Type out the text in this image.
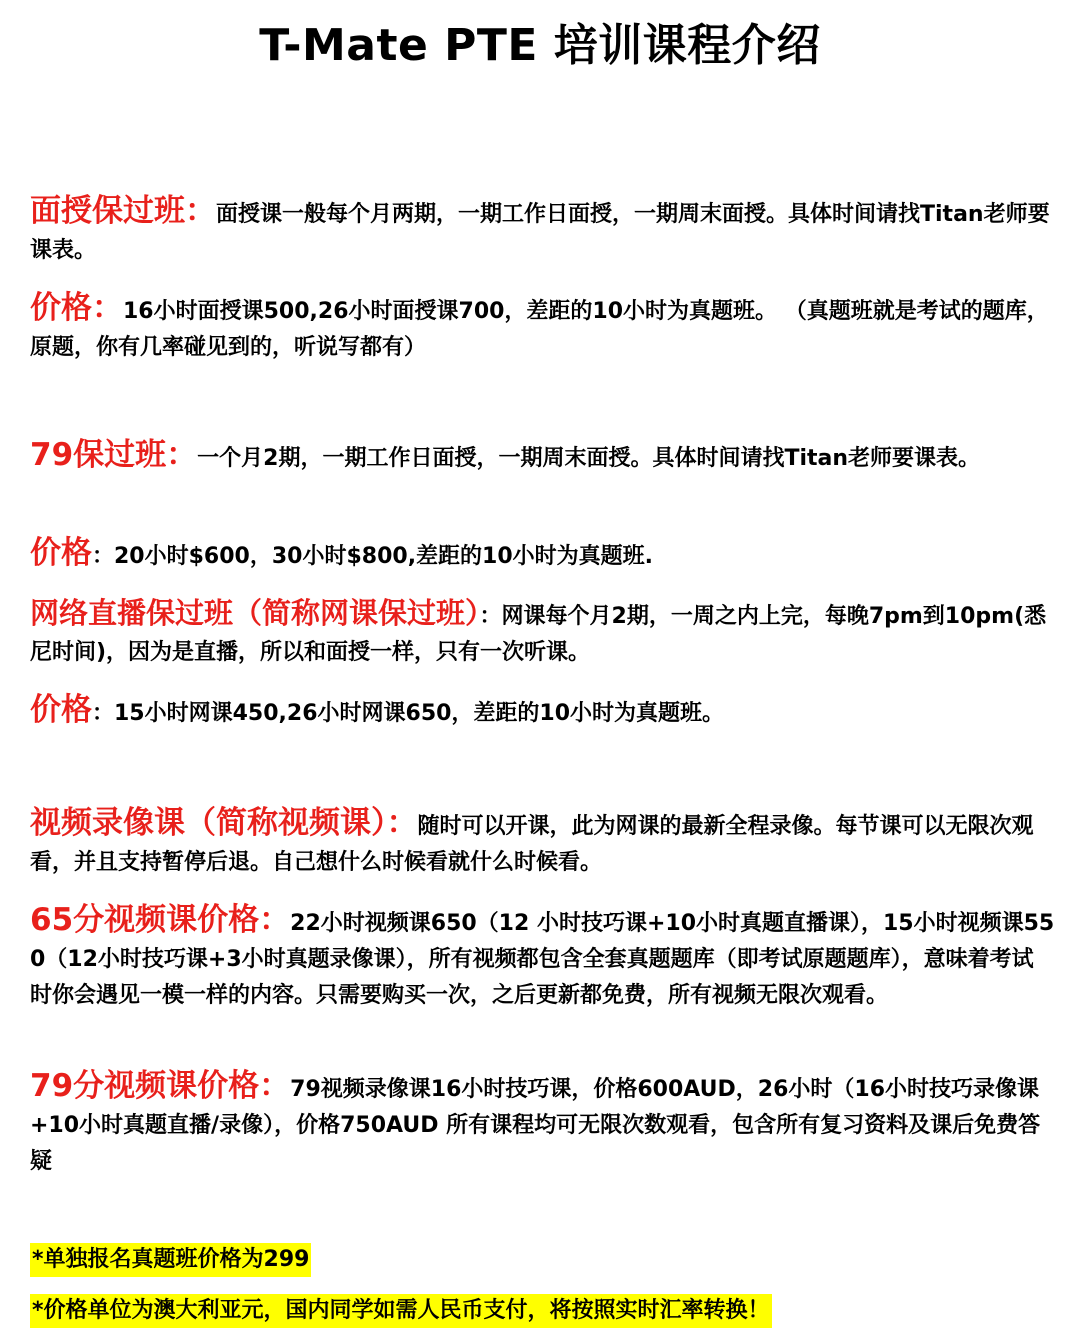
T-Mate PTE 培训课程介绍
面授保过班：面授课一般每个月两期，一期工作日面授，一期周末面授。具体时间请找Titan老师要课表。
价格：16小时面授课500,26小时面授课700，差距的10小时为真题班。 （真题班就是考试的题库，原题，你有几率碰见到的，听说写都有）
79保过班：一个月2期，一期工作日面授，一期周末面授。具体时间请找Titan老师要课表。
价格：20小时$600，30小时$800,差距的10小时为真题班.
网络直播保过班（简称网课保过班）：网课每个月2期，一周之内上完，每晚7pm到10pm(悉尼时间)，因为是直播，所以和面授一样，只有一次听课。
价格：15小时网课450,26小时网课650，差距的10小时为真题班。
视频录像课（简称视频课）：随时可以开课，此为网课的最新全程录像。每节课可以无限次观看，并且支持暂停后退。自己想什么时候看就什么时候看。
65分视频课价格：22小时视频课650（12 小时技巧课+10小时真题直播课），15小时视频课550（12小时技巧课+3小时真题录像课），所有视频都包含全套真题题库（即考试原题题库），意味着考试时你会遇见一模一样的内容。只需要购买一次，之后更新都免费，所有视频无限次观看。
79分视频课价格：79视频录像课16小时技巧课，价格600AUD，26小时（16小时技巧录像课+10小时真题直播/录像），价格750AUD 所有课程均可无限次数观看，包含所有复习资料及课后免费答疑
*单独报名真题班价格为299
*价格单位为澳大利亚元，国内同学如需人民币支付，将按照实时汇率转换！
